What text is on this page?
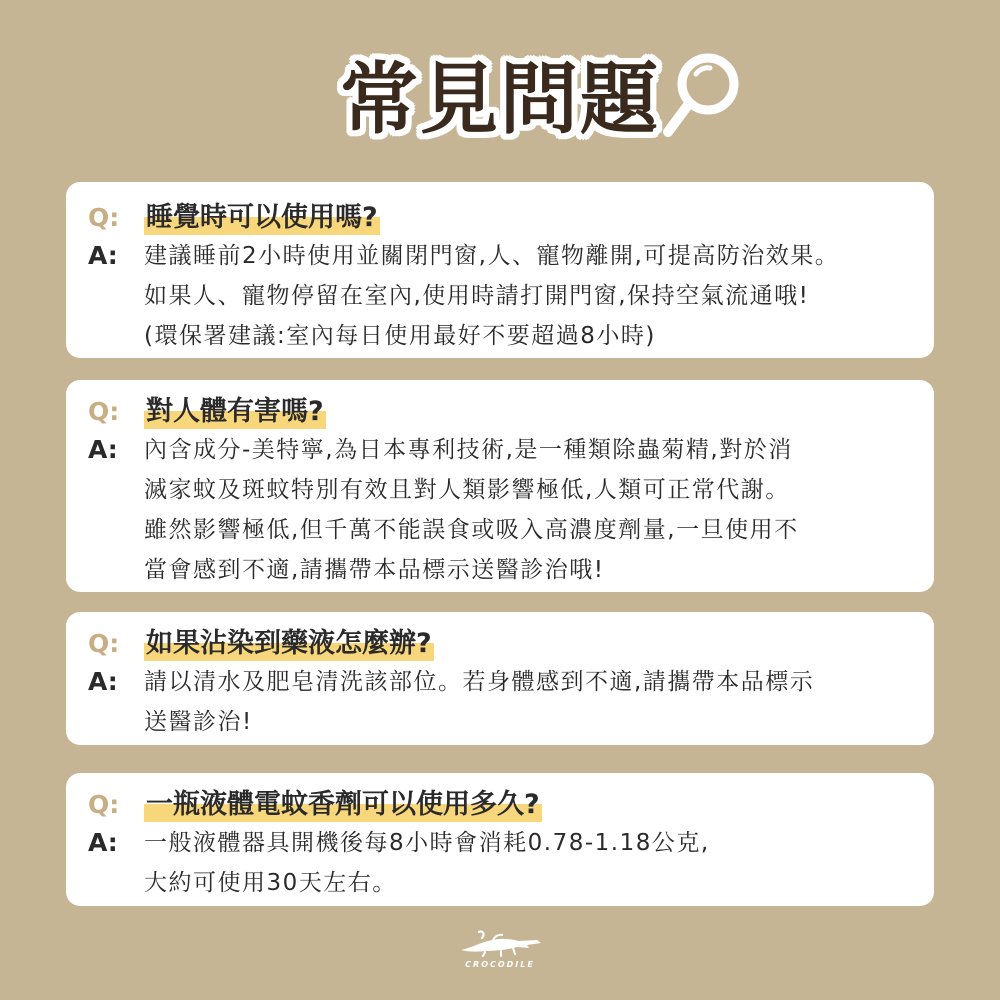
常見問題
Q: 睡覺時可以使用嗎?
A: 建議睡前2小時使用並關閉門窗,人、寵物離開,可提高防治效果。
如果人、寵物停留在室內,使用時請打開門窗,保持空氣流通哦!
(環保署建議:室內每日使用最好不要超過8小時)
Q: 對人體有害嗎?
A: 內含成分-美特寧,為日本專利技術,是一種類除蟲菊精,對於消
滅家蚊及斑蚊特別有效且對人類影響極低,人類可正常代謝。
雖然影響極低,但千萬不能誤食或吸入高濃度劑量,一旦使用不
當會感到不適,請攜帶本品標示送醫診治哦!
Q: 如果沾染到藥液怎麼辦?
A: 請以清水及肥皂清洗該部位。若身體感到不適,請攜帶本品標示
送醫診治!
Q: 一瓶液體電蚊香劑可以使用多久?
A: 一般液體器具開機後每8小時會消耗0.78-1.18公克,
大約可使用30天左右。
CROCODILE
